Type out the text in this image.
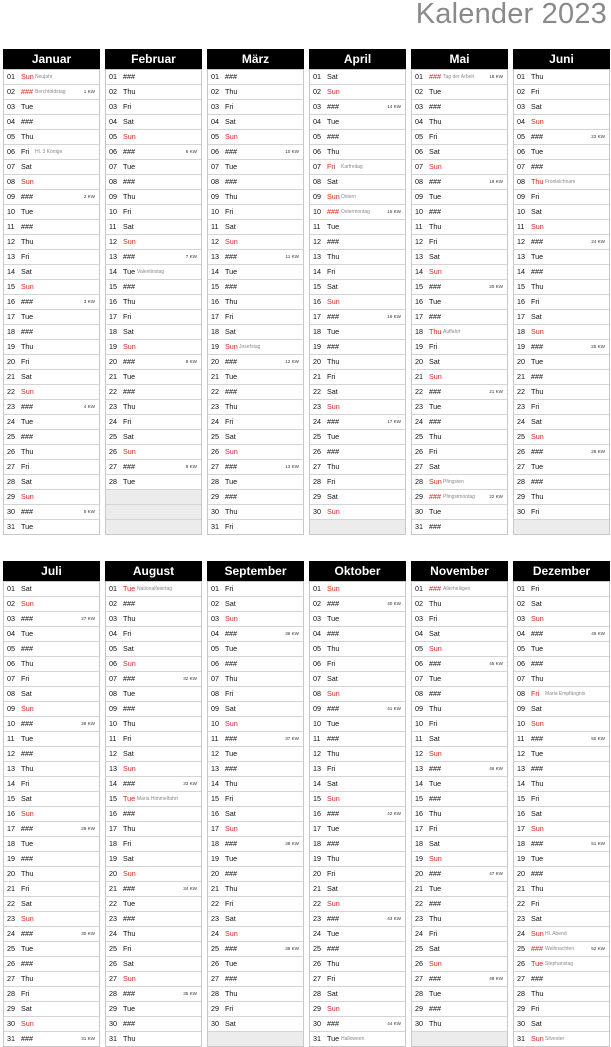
Kalender 2023
Januar
01 Sun Neujahr
02 ### Berchtoldstag	1 KW
03 Tue
04 ###
05 Thu
06 Fri Hl. 3 Könige
07 Sat
08 Sun
09 ###	2 KW
10 Tue
11 ###
12 Thu
13 Fri
14 Sat
15 Sun
16 ###	3 KW
17 Tue
18 ###
19 Thu
20 Fri
21 Sat
22 Sun
23 ###	4 KW
24 Tue
25 ###
26 Thu
27 Fri
28 Sat
29 Sun
30 ###	5 KW
31 Tue
Februar
01 ###
02 Thu
03 Fri
04 Sat
05 Sun
06 ###	6 KW
07 Tue
08 ###
09 Thu
10 Fri
11 Sat
12 Sun
13 ###	7 KW
14 Tue Valentinstag
15 ###
16 Thu
17 Fri
18 Sat
19 Sun
20 ###	8 KW
21 Tue
22 ###
23 Thu
24 Fri
25 Sat
26 Sun
27 ###	9 KW
28 Tue
März
01 ###
02 Thu
03 Fri
04 Sat
05 Sun
06 ###	10 KW
07 Tue
08 ###
09 Thu
10 Fri
11 Sat
12 Sun
13 ###	11 KW
14 Tue
15 ###
16 Thu
17 Fri
18 Sat
19 Sun Josefstag
20 ###	12 KW
21 Tue
22 ###
23 Thu
24 Fri
25 Sat
26 Sun
27 ###	13 KW
28 Tue
29 ###
30 Thu
31 Fri
April
01 Sat
02 Sun
03 ###	14 KW
04 Tue
05 ###
06 Thu
07 Fri Karfreitag
08 Sat
09 Sun Ostern
10 ### Ostermontag	15 KW
11 Tue
12 ###
13 Thu
14 Fri
15 Sat
16 Sun
17 ###	16 KW
18 Tue
19 ###
20 Thu
21 Fri
22 Sat
23 Sun
24 ###	17 KW
25 Tue
26 ###
27 Thu
28 Fri
29 Sat
30 Sun
Mai
01 ### Tag der Arbeit	18 KW
02 Tue
03 ###
04 Thu
05 Fri
06 Sat
07 Sun
08 ###	19 KW
09 Tue
10 ###
11 Thu
12 Fri
13 Sat
14 Sun
15 ###	20 KW
16 Tue
17 ###
18 Thu Auffahrt
19 Fri
20 Sat
21 Sun
22 ###	21 KW
23 Tue
24 ###
25 Thu
26 Fri
27 Sat
28 Sun Pfingsten
29 ### Pfingstmontag	22 KW
30 Tue
31 ###
Juni
01 Thu
02 Fri
03 Sat
04 Sun
05 ###	23 KW
06 Tue
07 ###
08 Thu Fronleichnam
09 Fri
10 Sat
11 Sun
12 ###	24 KW
13 Tue
14 ###
15 Thu
16 Fri
17 Sat
18 Sun
19 ###	25 KW
20 Tue
21 ###
22 Thu
23 Fri
24 Sat
25 Sun
26 ###	26 KW
27 Tue
28 ###
29 Thu
30 Fri
Juli
01 Sat
02 Sun
03 ###	27 KW
04 Tue
05 ###
06 Thu
07 Fri
08 Sat
09 Sun
10 ###	28 KW
11 Tue
12 ###
13 Thu
14 Fri
15 Sat
16 Sun
17 ###	29 KW
18 Tue
19 ###
20 Thu
21 Fri
22 Sat
23 Sun
24 ###	30 KW
25 Tue
26 ###
27 Thu
28 Fri
29 Sat
30 Sun
31 ###	31 KW
August
01 Tue Nationalfeiertag
02 ###
03 Thu
04 Fri
05 Sat
06 Sun
07 ###	32 KW
08 Tue
09 ###
10 Thu
11 Fri
12 Sat
13 Sun
14 ###	33 KW
15 Tue Maria Himmelfahrt
16 ###
17 Thu
18 Fri
19 Sat
20 Sun
21 ###	34 KW
22 Tue
23 ###
24 Thu
25 Fri
26 Sat
27 Sun
28 ###	35 KW
29 Tue
30 ###
31 Thu
September
01 Fri
02 Sat
03 Sun
04 ###	36 KW
05 Tue
06 ###
07 Thu
08 Fri
09 Sat
10 Sun
11 ###	37 KW
12 Tue
13 ###
14 Thu
15 Fri
16 Sat
17 Sun
18 ###	38 KW
19 Tue
20 ###
21 Thu
22 Fri
23 Sat
24 Sun
25 ###	39 KW
26 Tue
27 ###
28 Thu
29 Fri
30 Sat
Oktober
01 Sun
02 ###	40 KW
03 Tue
04 ###
05 Thu
06 Fri
07 Sat
08 Sun
09 ###	41 KW
10 Tue
11 ###
12 Thu
13 Fri
14 Sat
15 Sun
16 ###	42 KW
17 Tue
18 ###
19 Thu
20 Fri
21 Sat
22 Sun
23 ###	43 KW
24 Tue
25 ###
26 Thu
27 Fri
28 Sat
29 Sun
30 ###	44 KW
31 Tue Halloween
November
01 ### Allerheiligen
02 Thu
03 Fri
04 Sat
05 Sun
06 ###	45 KW
07 Tue
08 ###
09 Thu
10 Fri
11 Sat
12 Sun
13 ###	46 KW
14 Tue
15 ###
16 Thu
17 Fri
18 Sat
19 Sun
20 ###	47 KW
21 Tue
22 ###
23 Thu
24 Fri
25 Sat
26 Sun
27 ###	48 KW
28 Tue
29 ###
30 Thu
Dezember
01 Fri
02 Sat
03 Sun
04 ###	49 KW
05 Tue
06 ###
07 Thu
08 Fri Maria Empfängnis
09 Sat
10 Sun
11 ###	50 KW
12 Tue
13 ###
14 Thu
15 Fri
16 Sat
17 Sun
18 ###	51 KW
19 Tue
20 ###
21 Thu
22 Fri
23 Sat
24 Sun Hl. Abend
25 ### Weihnachten	52 KW
26 Tue Stephanstag
27 ###
28 Thu
29 Fri
30 Sat
31 Sun Silvester
